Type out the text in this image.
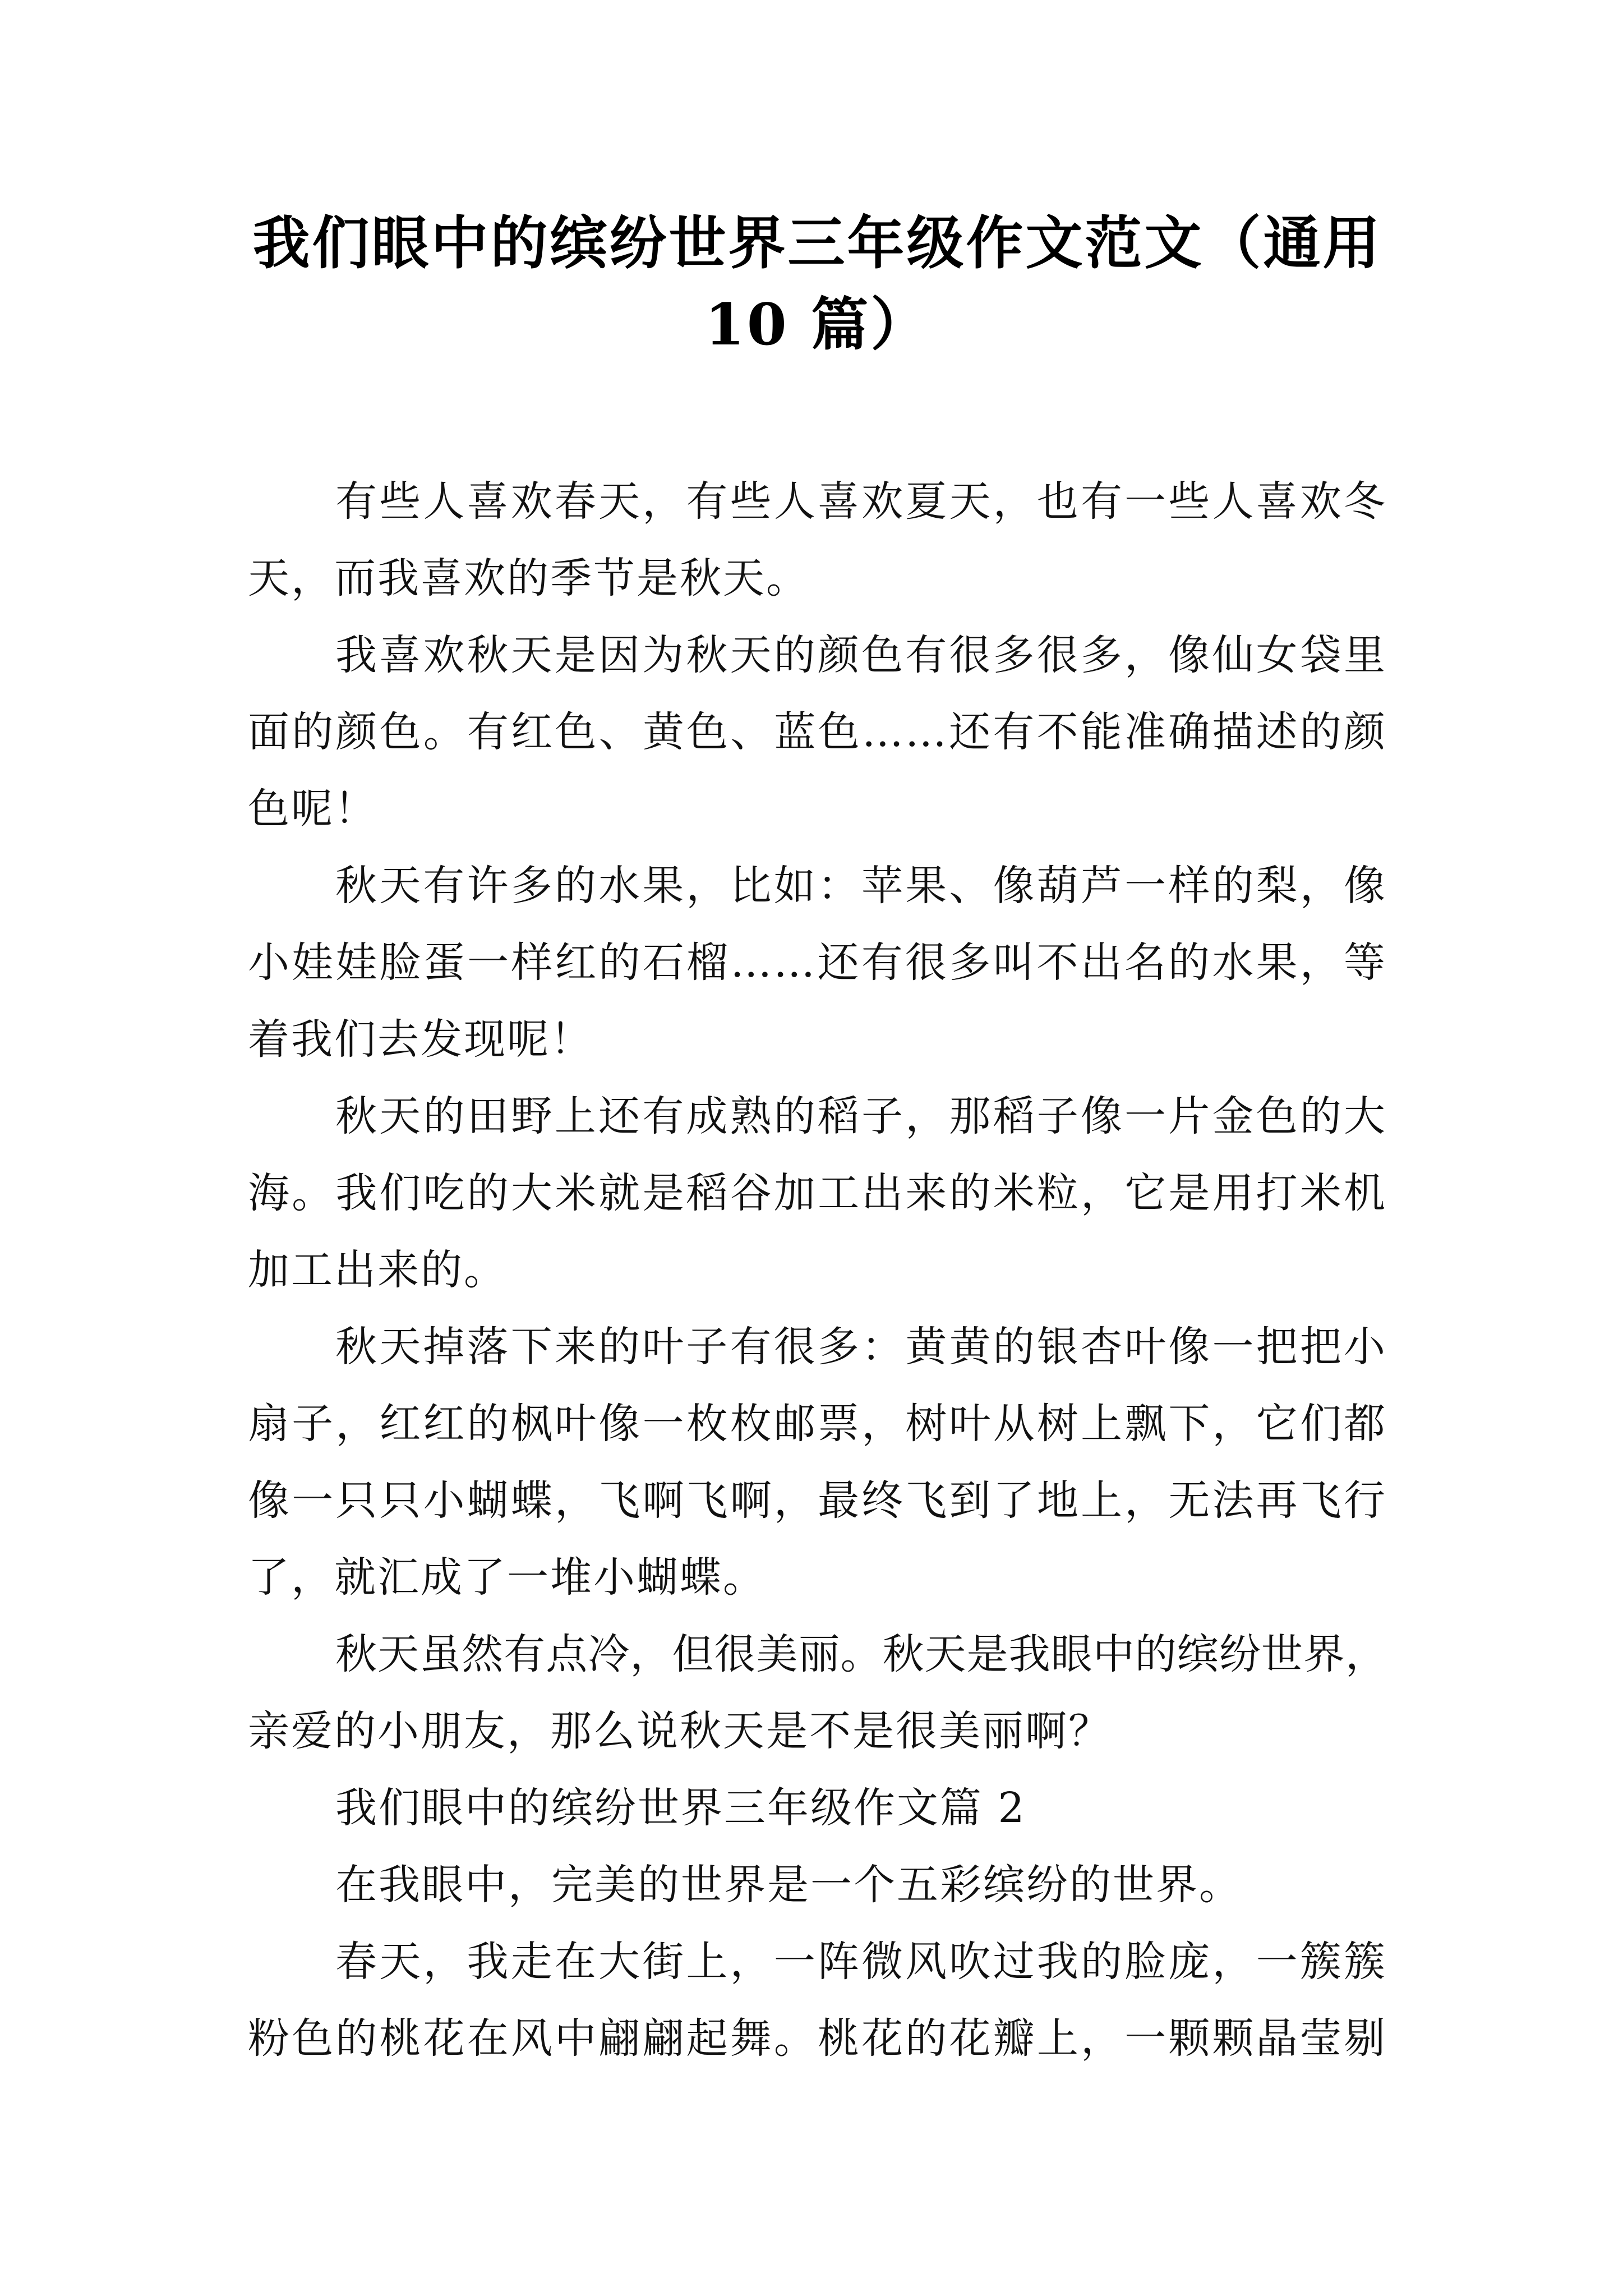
我们眼中的缤纷世界三年级作文范文（通用
10 篇）
有些人喜欢春天，有些人喜欢夏天，也有一些人喜欢冬
天，而我喜欢的季节是秋天。
我喜欢秋天是因为秋天的颜色有很多很多，像仙女袋里
面的颜色。有红色、黄色、蓝色……还有不能准确描述的颜
色呢！
秋天有许多的水果，比如：苹果、像葫芦一样的梨，像
小娃娃脸蛋一样红的石榴……还有很多叫不出名的水果，等
着我们去发现呢！
秋天的田野上还有成熟的稻子，那稻子像一片金色的大
海。我们吃的大米就是稻谷加工出来的米粒，它是用打米机
加工出来的。
秋天掉落下来的叶子有很多：黄黄的银杏叶像一把把小
扇子，红红的枫叶像一枚枚邮票，树叶从树上飘下，它们都
像一只只小蝴蝶，飞啊飞啊，最终飞到了地上，无法再飞行
了，就汇成了一堆小蝴蝶。
秋天虽然有点冷，但很美丽。秋天是我眼中的缤纷世界，
亲爱的小朋友，那么说秋天是不是很美丽啊？
我们眼中的缤纷世界三年级作文篇 2
在我眼中，完美的世界是一个五彩缤纷的世界。
春天，我走在大街上，一阵微风吹过我的脸庞，一簇簇
粉色的桃花在风中翩翩起舞。桃花的花瓣上，一颗颗晶莹剔
